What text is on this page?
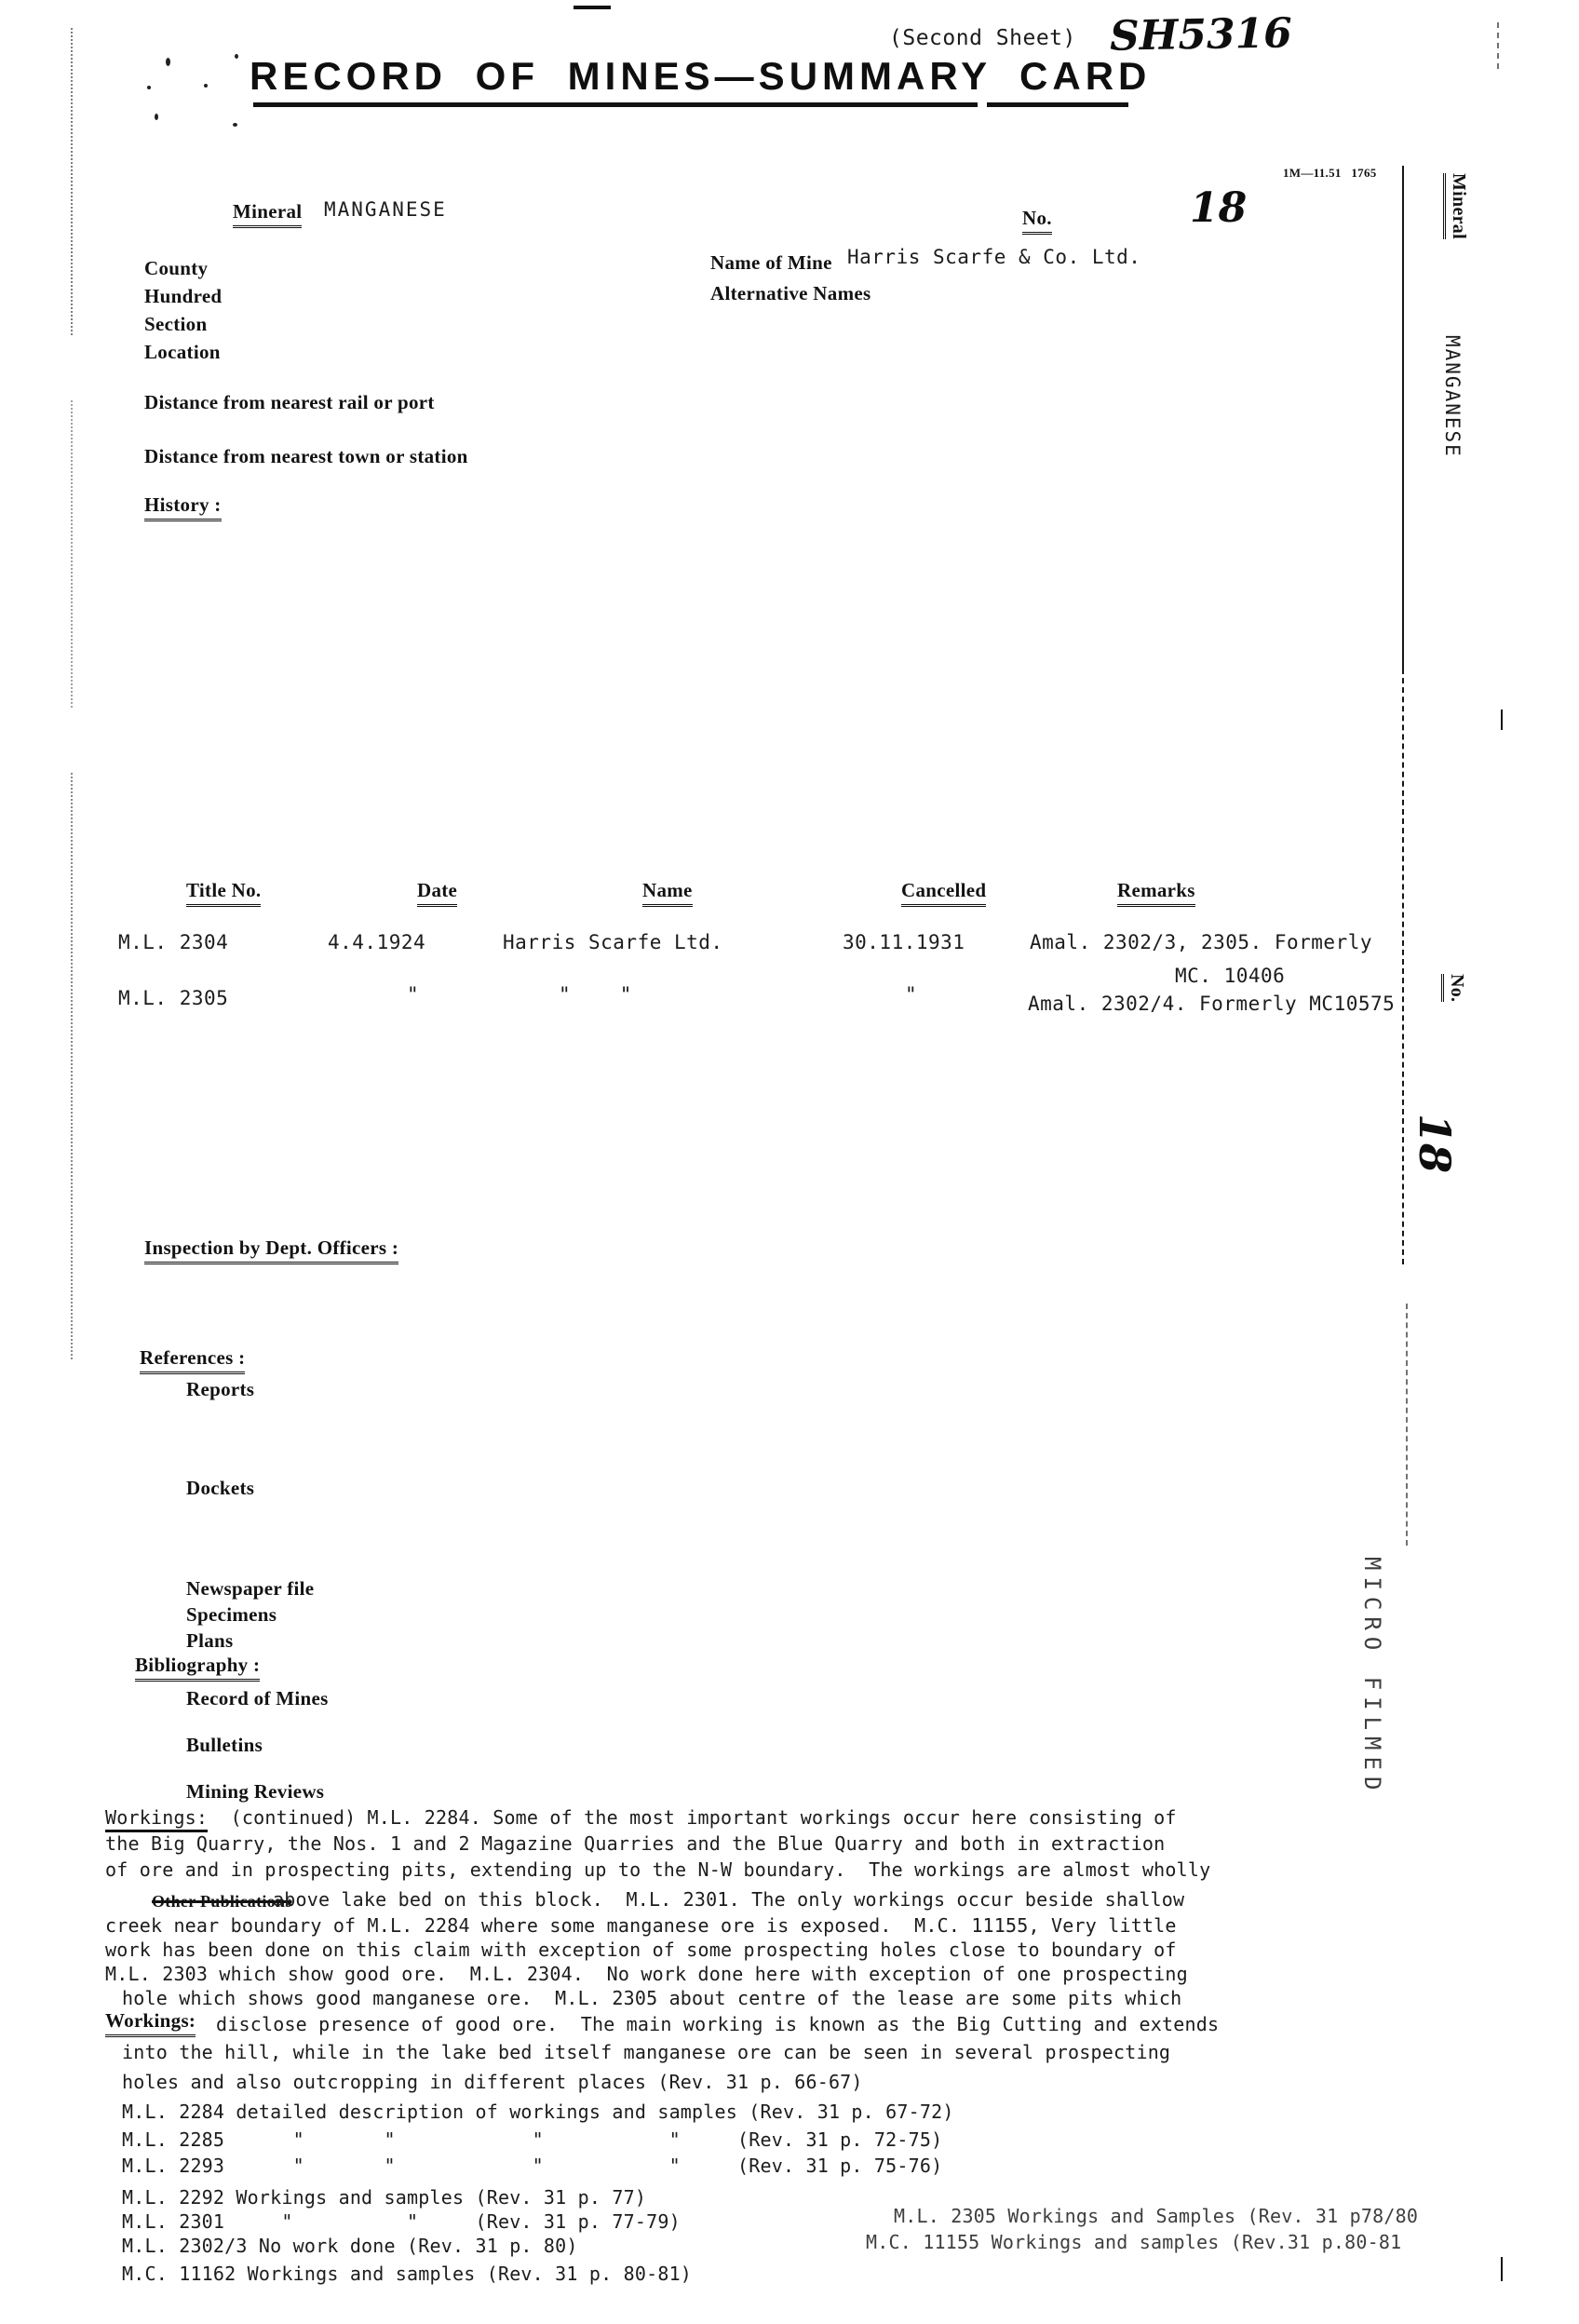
(Second Sheet) SH5316
RECORD OF MINES—SUMMARY CARD
1M—11.51   1765
Mineral MANGANESE	No.	18
County
Hundred
Section
Location
Distance from nearest rail or port
Distance from nearest town or station
History :
Name of Mine Harris Scarfe & Co. Ltd.
Alternative Names
Title No.	Date	Name	Cancelled	Remarks
M.L. 2304	4.4.1924	Harris Scarfe Ltd.	30.11.1931	Amal. 2302/3, 2305. Formerly
MC. 10406
M.L. 2305	"	"    "	"	Amal. 2302/4. Formerly MC10575
Inspection by Dept. Officers :
References :
Reports
Dockets
Newspaper file
Specimens
Plans
Bibliography :
Record of Mines
Bulletins
Mining Reviews
Other Publications
Workings:  (continued) M.L. 2284. Some of the most important workings occur here consisting of
the Big Quarry, the Nos. 1 and 2 Magazine Quarries and the Blue Quarry and both in extraction
of ore and in prospecting pits, extending up to the N-W boundary.  The workings are almost wholly
above lake bed on this block.  M.L. 2301. The only workings occur beside shallow
creek near boundary of M.L. 2284 where some manganese ore is exposed.  M.C. 11155, Very little
work has been done on this claim with exception of some prospecting holes close to boundary of
M.L. 2303 which show good ore.  M.L. 2304.  No work done here with exception of one prospecting
hole which shows good manganese ore.  M.L. 2305 about centre of the lease are some pits which
Workings: disclose presence of good ore.  The main working is known as the Big Cutting and extends
into the hill, while in the lake bed itself manganese ore can be seen in several prospecting
holes and also outcropping in different places (Rev. 31 p. 66-67)
M.L. 2284 detailed description of workings and samples (Rev. 31 p. 67-72)
M.L. 2285      "       "            "           "     (Rev. 31 p. 72-75)
M.L. 2293      "       "            "           "     (Rev. 31 p. 75-76)
M.L. 2292 Workings and samples (Rev. 31 p. 77)
M.L. 2301     "          "     (Rev. 31 p. 77-79)
M.L. 2302/3 No work done (Rev. 31 p. 80)
M.C. 11162 Workings and samples (Rev. 31 p. 80-81)
M.L. 2305 Workings and Samples (Rev. 31 p78/80
M.C. 11155 Workings and samples (Rev.31 p.80-81
Mineral
MANGANESE
No.
18
MICRO FILMED
